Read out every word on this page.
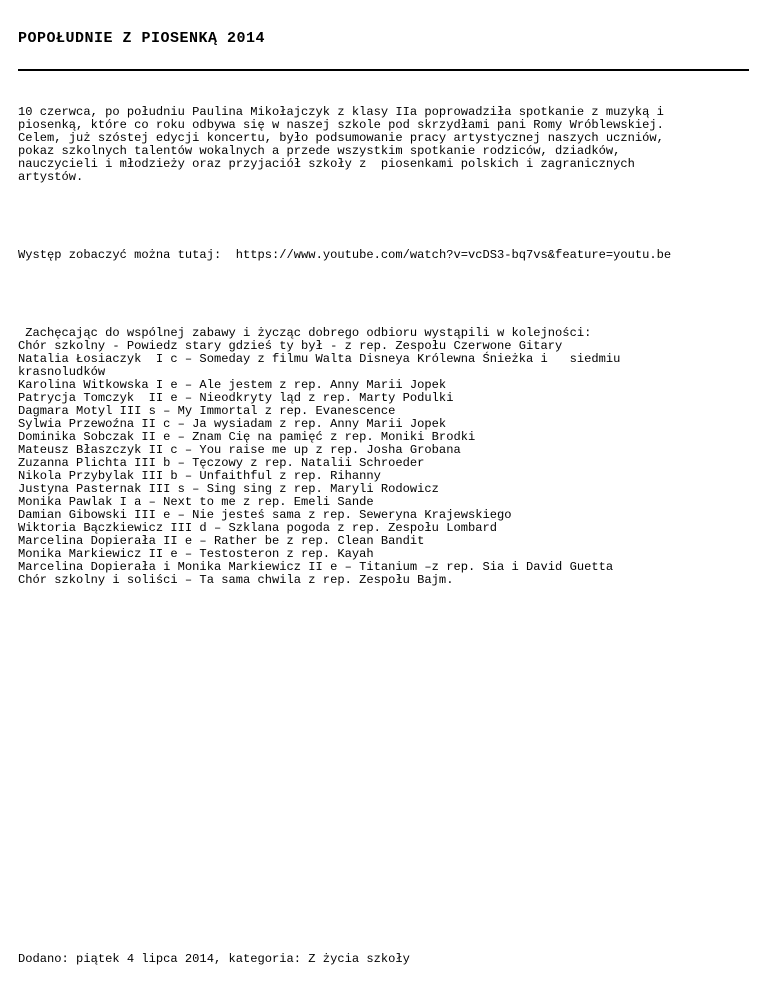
POPOŁUDNIE Z PIOSENKĄ 2014

10 czerwca, po południu Paulina Mikołajczyk z klasy IIa poprowadziła spotkanie z muzyką i
piosenką, które co roku odbywa się w naszej szkole pod skrzydłami pani Romy Wróblewskiej.
Celem, już szóstej edycji koncertu, było podsumowanie pracy artystycznej naszych uczniów,
pokaz szkolnych talentów wokalnych a przede wszystkim spotkanie rodziców, dziadków,
nauczycieli i młodzieży oraz przyjaciół szkoły z  piosenkami polskich i zagranicznych
artystów.

Występ zobaczyć można tutaj: https://www.youtube.com/watch?v=vcDS3-bq7vs&feature=youtu.be

Zachęcając do wspólnej zabawy i życząc dobrego odbioru wystąpili w kolejności:
Chór szkolny - Powiedz stary gdzieś ty był - z rep. Zespołu Czerwone Gitary
Natalia Łosiaczyk  I c – Someday z filmu Walta Disneya Królewna Śnieżka i   siedmiu
krasnoludków
Karolina Witkowska I e – Ale jestem z rep. Anny Marii Jopek
Patrycja Tomczyk  II e – Nieodkryty ląd z rep. Marty Podulki
Dagmara Motyl III s – My Immortal z rep. Evanescence
Sylwia Przewoźna II c – Ja wysiadam z rep. Anny Marii Jopek
Dominika Sobczak II e – Znam Cię na pamięć z rep. Moniki Brodki
Mateusz Błaszczyk II c – You raise me up z rep. Josha Grobana
Zuzanna Plichta III b – Tęczowy z rep. Natalii Schroeder
Nikola Przybylak III b – Unfaithful z rep. Rihanny
Justyna Pasternak III s – Sing sing z rep. Maryli Rodowicz
Monika Pawlak I a – Next to me z rep. Emeli Sande
Damian Gibowski III e – Nie jesteś sama z rep. Seweryna Krajewskiego
Wiktoria Bączkiewicz III d – Szklana pogoda z rep. Zespołu Lombard
Marcelina Dopierała II e – Rather be z rep. Clean Bandit
Monika Markiewicz II e – Testosteron z rep. Kayah
Marcelina Dopierała i Monika Markiewicz II e – Titanium –z rep. Sia i David Guetta
Chór szkolny i soliści – Ta sama chwila z rep. Zespołu Bajm.

Dodano: piątek 4 lipca 2014, kategoria: Z życia szkoły
